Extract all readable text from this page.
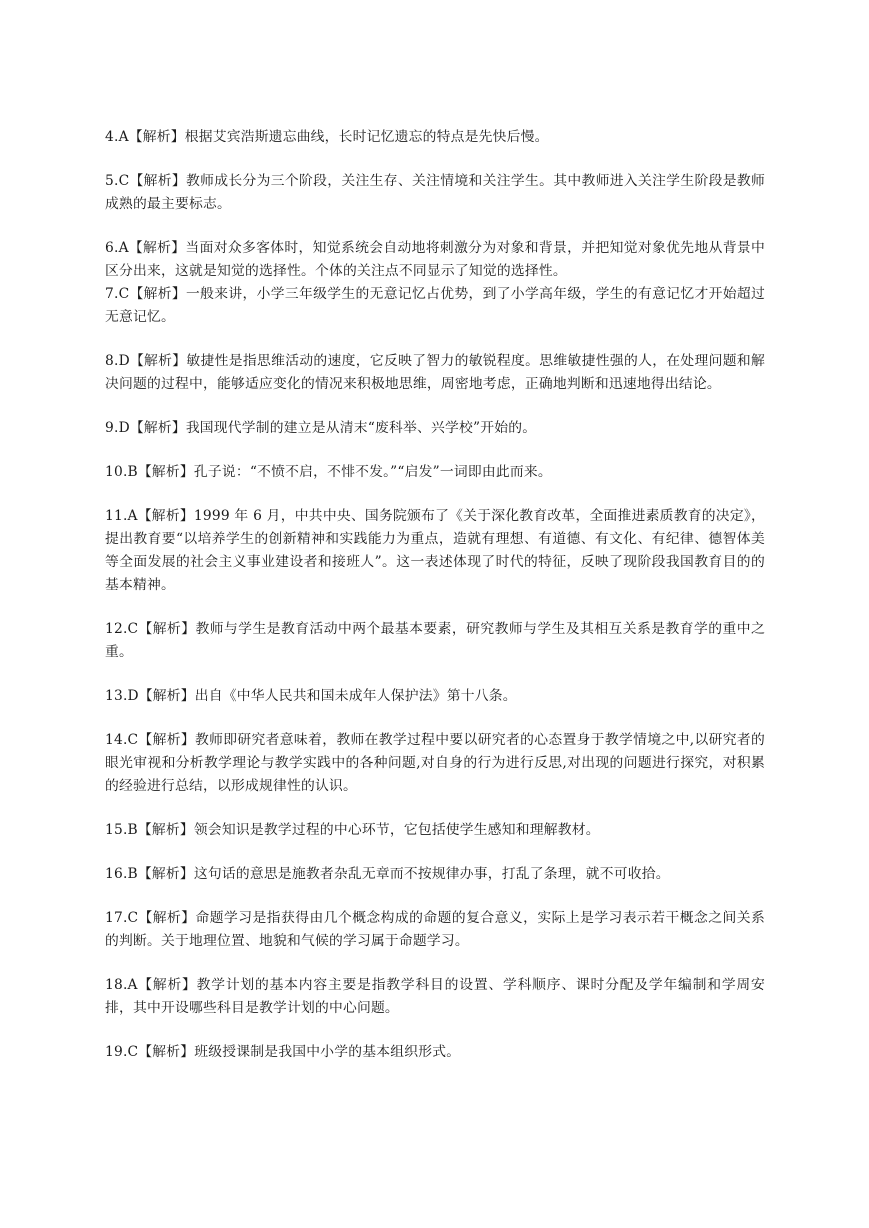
4.A【解析】根据艾宾浩斯遗忘曲线，长时记忆遗忘的特点是先快后慢。

5.C【解析】教师成长分为三个阶段，关注生存、关注情境和关注学生。其中教师进入关注学生阶段是教师成熟的最主要标志。

6.A【解析】当面对众多客体时，知觉系统会自动地将刺激分为对象和背景，并把知觉对象优先地从背景中区分出来，这就是知觉的选择性。个体的关注点不同显示了知觉的选择性。

7.C【解析】一般来讲，小学三年级学生的无意记忆占优势，到了小学高年级，学生的有意记忆才开始超过无意记忆。

8.D【解析】敏捷性是指思维活动的速度，它反映了智力的敏锐程度。思维敏捷性强的人，在处理问题和解决问题的过程中，能够适应变化的情况来积极地思维，周密地考虑，正确地判断和迅速地得出结论。

9.D【解析】我国现代学制的建立是从清末“废科举、兴学校”开始的。

10.B【解析】孔子说：“不愤不启，不悱不发。”“启发”一词即由此而来。

11.A【解析】1999 年 6 月，中共中央、国务院颁布了《关于深化教育改革，全面推进素质教育的决定》，提出教育要“以培养学生的创新精神和实践能力为重点，造就有理想、有道德、有文化、有纪律、德智体美等全面发展的社会主义事业建设者和接班人”。这一表述体现了时代的特征，反映了现阶段我国教育目的的基本精神。

12.C【解析】教师与学生是教育活动中两个最基本要素，研究教师与学生及其相互关系是教育学的重中之重。

13.D【解析】出自《中华人民共和国未成年人保护法》第十八条。

14.C【解析】教师即研究者意味着，教师在教学过程中要以研究者的心态置身于教学情境之中,以研究者的眼光审视和分析教学理论与教学实践中的各种问题,对自身的行为进行反思,对出现的问题进行探究，对积累的经验进行总结，以形成规律性的认识。

15.B【解析】领会知识是教学过程的中心环节，它包括使学生感知和理解教材。

16.B【解析】这句话的意思是施教者杂乱无章而不按规律办事，打乱了条理，就不可收拾。

17.C【解析】命题学习是指获得由几个概念构成的命题的复合意义，实际上是学习表示若干概念之间关系的判断。关于地理位置、地貌和气候的学习属于命题学习。

18.A【解析】教学计划的基本内容主要是指教学科目的设置、学科顺序、课时分配及学年编制和学周安排，其中开设哪些科目是教学计划的中心问题。

19.C【解析】班级授课制是我国中小学的基本组织形式。
